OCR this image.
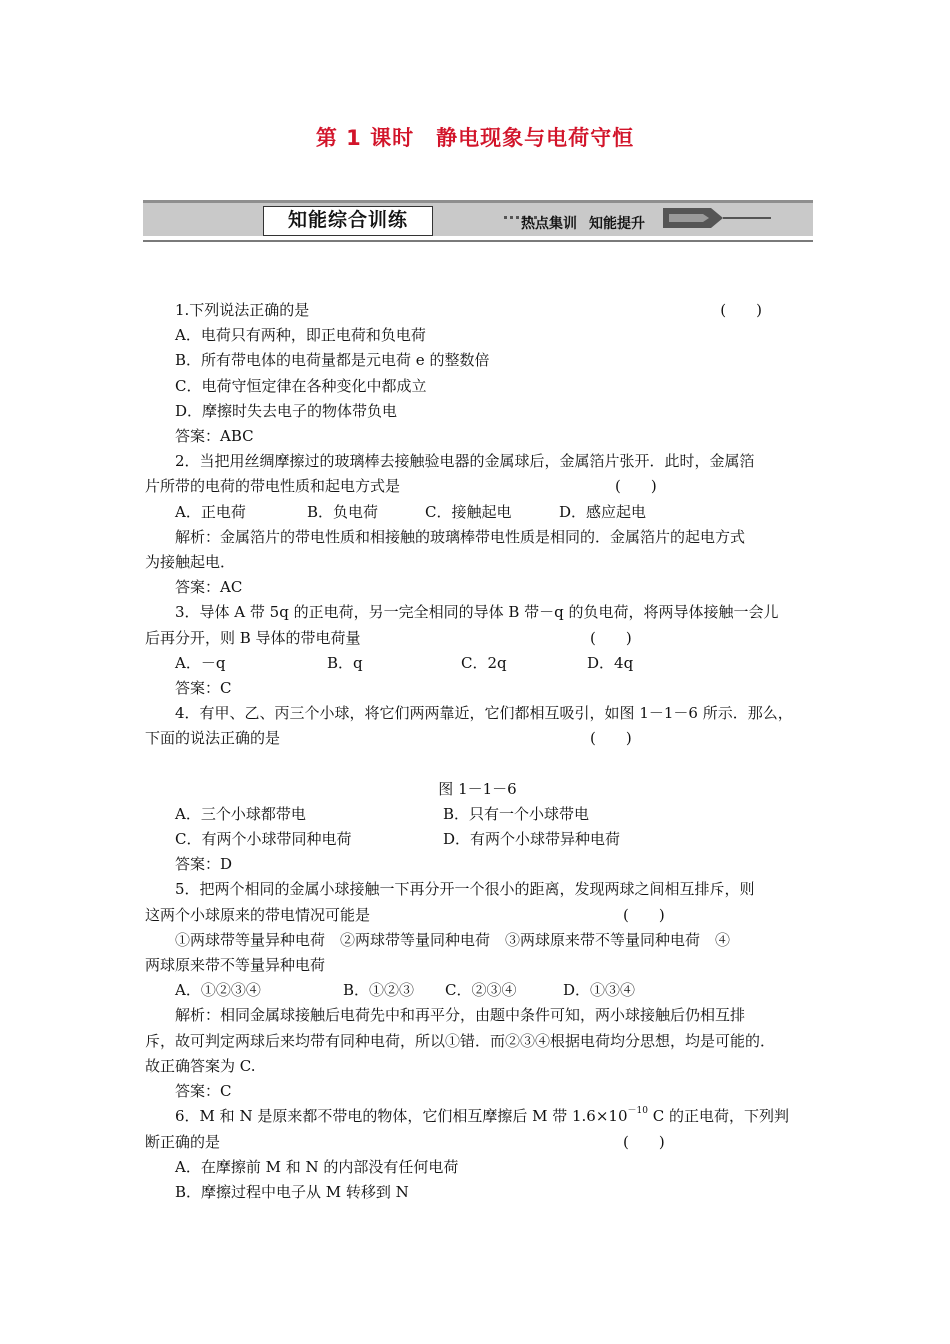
第 1 课时 静电现象与电荷守恒
知能综合训练	热点集训 知能提升
1.下列说法正确的是	(　　)
A．电荷只有两种，即正电荷和负电荷
B．所有带电体的电荷量都是元电荷 e 的整数倍
C．电荷守恒定律在各种变化中都成立
D．摩擦时失去电子的物体带负电
答案：ABC
2．当把用丝绸摩擦过的玻璃棒去接触验电器的金属球后，金属箔片张开．此时，金属箔
片所带的电荷的带电性质和起电方式是	(　　)
A．正电荷	B．负电荷	C．接触起电	D．感应起电
解析：金属箔片的带电性质和相接触的玻璃棒带电性质是相同的．金属箔片的起电方式
为接触起电．
答案：AC
3．导体 A 带 5q 的正电荷，另一完全相同的导体 B 带－q 的负电荷，将两导体接触一会儿
后再分开，则 B 导体的带电荷量	(　　)
A．－q	B．q	C．2q	D．4q
答案：C
4．有甲、乙、丙三个小球，将它们两两靠近，它们都相互吸引，如图 1－1－6 所示．那么，
下面的说法正确的是	(　　)
图 1－1－6
A．三个小球都带电	B．只有一个小球带电
C．有两个小球带同种电荷	D．有两个小球带异种电荷
答案：D
5．把两个相同的金属小球接触一下再分开一个很小的距离，发现两球之间相互排斥，则
这两个小球原来的带电情况可能是	(　　)
①两球带等量异种电荷　②两球带等量同种电荷　③两球原来带不等量同种电荷　④
两球原来带不等量异种电荷
A．①②③④	B．①②③	C．②③④	D．①③④
解析：相同金属球接触后电荷先中和再平分，由题中条件可知，两小球接触后仍相互排
斥，故可判定两球后来均带有同种电荷，所以①错．而②③④根据电荷均分思想，均是可能的．
故正确答案为 C.
答案：C
6．M 和 N 是原来都不带电的物体，它们相互摩擦后 M 带 $1.6\times 10^{-10}$ C 的正电荷，下列判
断正确的是	(　　)
A．在摩擦前 M 和 N 的内部没有任何电荷
B．摩擦过程中电子从 M 转移到 N
